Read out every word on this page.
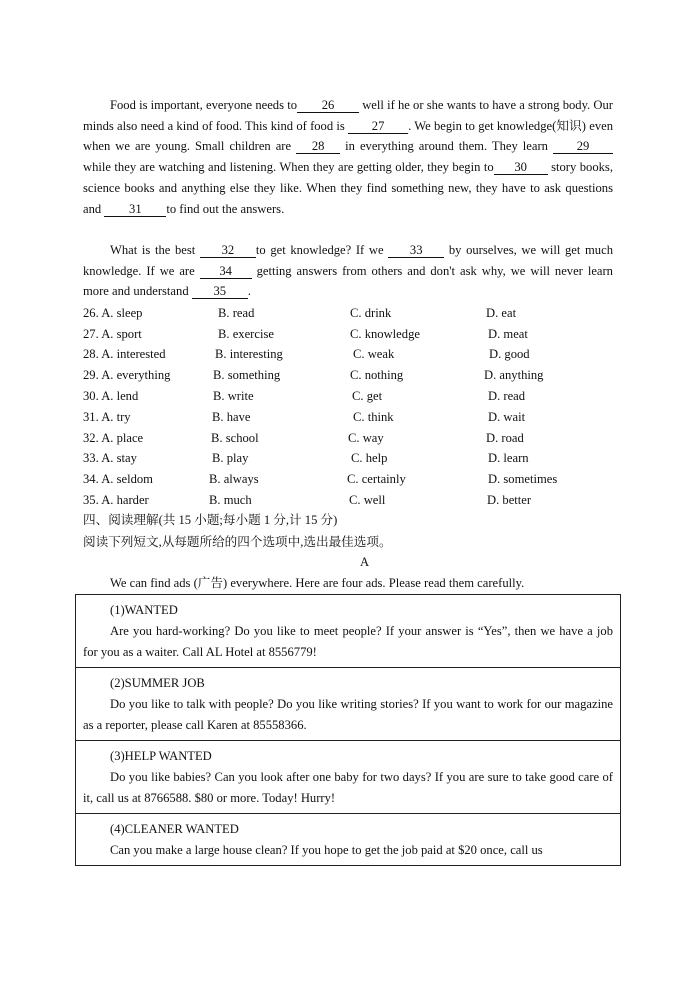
Food is important, everyone needs to 26 well if he or she wants to have a strong body. Our minds also need a kind of food. This kind of food is 27 . We begin to get knowledge(知识) even when we are young. Small children are 28 in everything around them. They learn 29while they are watching and listening. When they are getting older, they begin to 30 story books, science books and anything else they like. When they find something new, they have to ask questions and 31 to find out the answers.
What is the best 32 to get knowledge? If we 33 by ourselves, we will get much knowledge. If we are 34 getting answers from others and don't ask why, we will never learn more and understand 35 .
26. A. sleep	B. read	C. drink	D. eat
27. A. sport	B. exercise	C. knowledge	D. meat
28. A. interested	B. interesting	C. weak	D. good
29. A. everything	B. something	C. nothing	D. anything
30. A. lend	B. write	C. get	D. read
31. A. try	B. have	C. think	D. wait
32. A. place	B. school	C. way	D. road
33. A. stay	B. play	C. help	D. learn
34. A. seldom	B. always	C. certainly	D. sometimes
35. A. harder	B. much	C. well	D. better
四、阅读理解(共 15 小题;每小题 1 分,计 15 分)
阅读下列短文,从每题所给的四个选项中,选出最佳选项。
A
We can find ads (广告) everywhere. Here are four ads. Please read them carefully.
(1)WANTED
Are you hard-working? Do you like to meet people? If your answer is “Yes”, then we have a job for you as a waiter. Call AL Hotel at 8556779!

(2)SUMMER JOB
Do you like to talk with people? Do you like writing stories? If you want to work for our magazine as a reporter, please call Karen at 85558366.

(3)HELP WANTED
Do you like babies? Can you look after one baby for two days? If you are sure to take good care of it, call us at 8766588. $80 or more. Today! Hurry!

(4)CLEANER WANTED
Can you make a large house clean? If you hope to get the job paid at $20 once, call us
